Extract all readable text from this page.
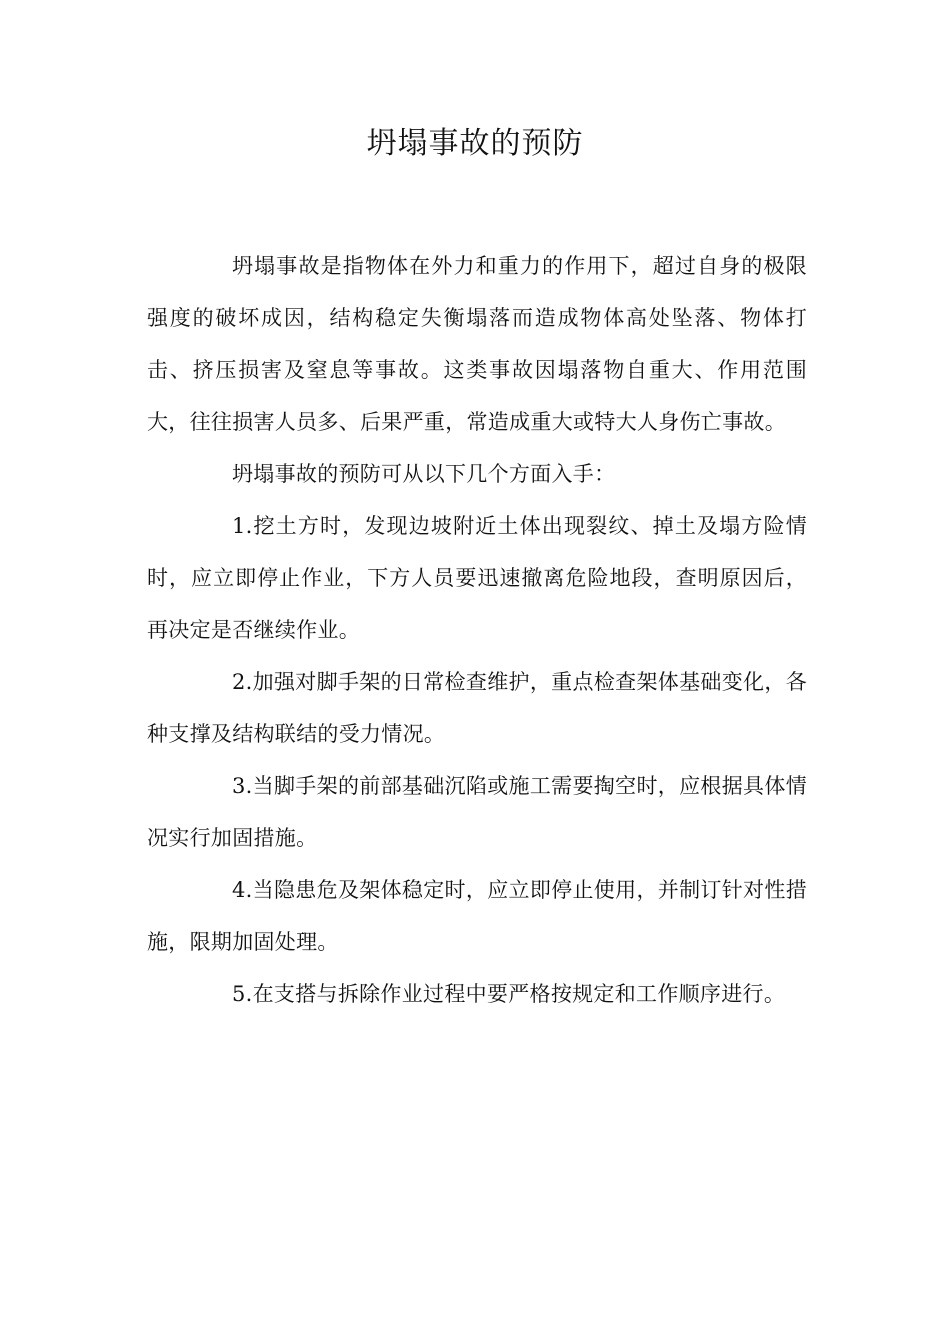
坍塌事故的预防

坍塌事故是指物体在外力和重力的作用下，超过自身的极限强度的破坏成因，结构稳定失衡塌落而造成物体高处坠落、物体打击、挤压损害及窒息等事故。这类事故因塌落物自重大、作用范围大，往往损害人员多、后果严重，常造成重大或特大人身伤亡事故。

坍塌事故的预防可从以下几个方面入手：

1.挖土方时，发现边坡附近土体出现裂纹、掉土及塌方险情时，应立即停止作业，下方人员要迅速撤离危险地段，查明原因后，再决定是否继续作业。

2.加强对脚手架的日常检查维护，重点检查架体基础变化，各种支撑及结构联结的受力情况。

3.当脚手架的前部基础沉陷或施工需要掏空时，应根据具体情况实行加固措施。

4.当隐患危及架体稳定时，应立即停止使用，并制订针对性措施，限期加固处理。

5.在支搭与拆除作业过程中要严格按规定和工作顺序进行。
